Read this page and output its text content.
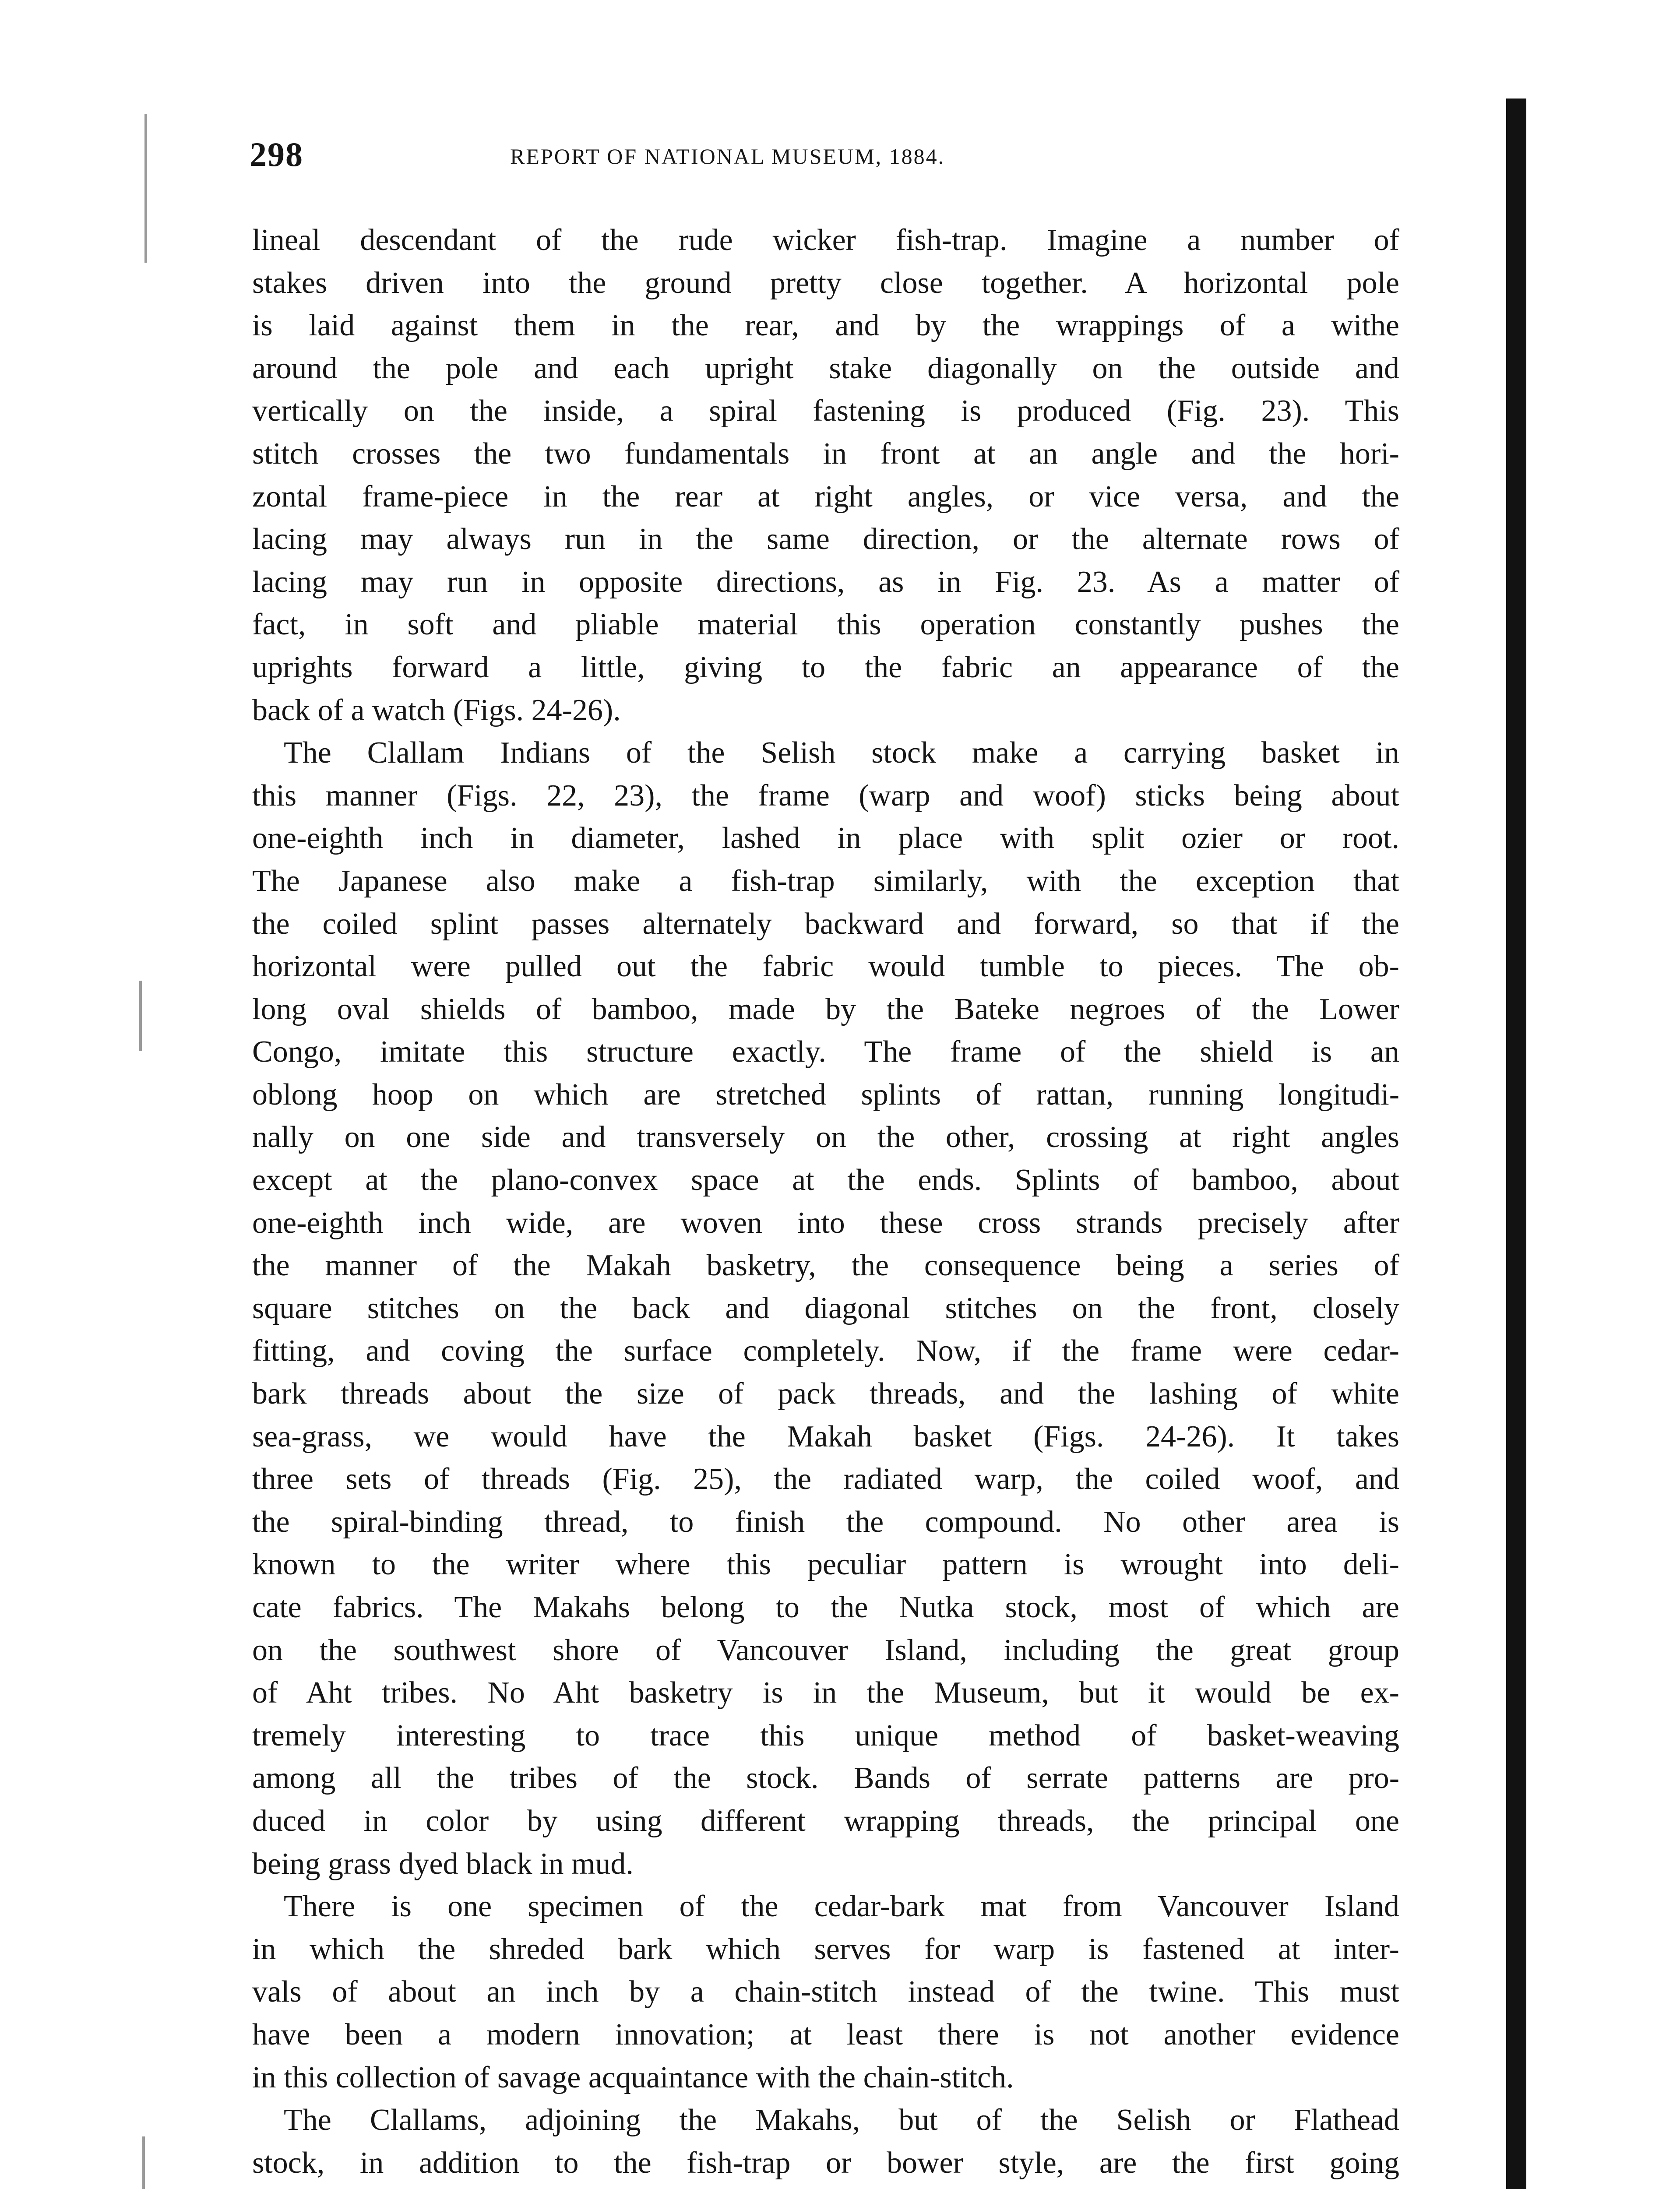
298	REPORT OF NATIONAL MUSEUM, 1884.
lineal descendant of the rude wicker fish-trap. Imagine a number of
stakes driven into the ground pretty close together. A horizontal pole
is laid against them in the rear, and by the wrappings of a withe
around the pole and each upright stake diagonally on the outside and
vertically on the inside, a spiral fastening is produced (Fig. 23). This
stitch crosses the two fundamentals in front at an angle and the hori-
zontal frame-piece in the rear at right angles, or vice versa, and the
lacing may always run in the same direction, or the alternate rows of
lacing may run in opposite directions, as in Fig. 23. As a matter of
fact, in soft and pliable material this operation constantly pushes the
uprights forward a little, giving to the fabric an appearance of the
back of a watch (Figs. 24-26).
The Clallam Indians of the Selish stock make a carrying basket in
this manner (Figs. 22, 23), the frame (warp and woof) sticks being about
one-eighth inch in diameter, lashed in place with split ozier or root.
The Japanese also make a fish-trap similarly, with the exception that
the coiled splint passes alternately backward and forward, so that if the
horizontal were pulled out the fabric would tumble to pieces. The ob-
long oval shields of bamboo, made by the Bateke negroes of the Lower
Congo, imitate this structure exactly. The frame of the shield is an
oblong hoop on which are stretched splints of rattan, running longitudi-
nally on one side and transversely on the other, crossing at right angles
except at the plano-convex space at the ends. Splints of bamboo, about
one-eighth inch wide, are woven into these cross strands precisely after
the manner of the Makah basketry, the consequence being a series of
square stitches on the back and diagonal stitches on the front, closely
fitting, and coving the surface completely. Now, if the frame were cedar-
bark threads about the size of pack threads, and the lashing of white
sea-grass, we would have the Makah basket (Figs. 24-26). It takes
three sets of threads (Fig. 25), the radiated warp, the coiled woof, and
the spiral-binding thread, to finish the compound. No other area is
known to the writer where this peculiar pattern is wrought into deli-
cate fabrics. The Makahs belong to the Nutka stock, most of which are
on the southwest shore of Vancouver Island, including the great group
of Aht tribes. No Aht basketry is in the Museum, but it would be ex-
tremely interesting to trace this unique method of basket-weaving
among all the tribes of the stock. Bands of serrate patterns are pro-
duced in color by using different wrapping threads, the principal one
being grass dyed black in mud.
There is one specimen of the cedar-bark mat from Vancouver Island
in which the shreded bark which serves for warp is fastened at inter-
vals of about an inch by a chain-stitch instead of the twine. This must
have been a modern innovation; at least there is not another evidence
in this collection of savage acquaintance with the chain-stitch.
The Clallams, adjoining the Makahs, but of the Selish or Flathead
stock, in addition to the fish-trap or bower style, are the first going
